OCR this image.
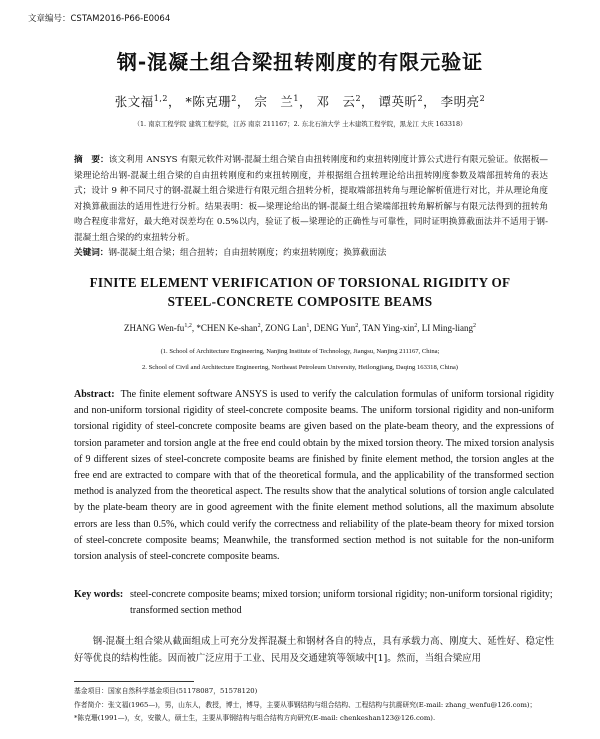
文章编号：CSTAM2016-P66-E0064
钢-混凝土组合梁扭转刚度的有限元验证
张文福$^{1,2}$， *陈克珊$^2$， 宗　兰$^1$， 邓　云$^2$， 谭英昕$^2$， 李明亮$^2$
（1. 南京工程学院 建筑工程学院，江苏 南京 211167；2. 东北石油大学 土木建筑工程学院，黑龙江 大庆 163318）
摘　要：该文利用 ANSYS 有限元软件对钢-混凝土组合梁自由扭转刚度和约束扭转刚度计算公式进行有限元验证。依据板—梁理论给出钢-混凝土组合梁的自由扭转刚度和约束扭转刚度，并根据组合扭转理论给出扭转刚度参数及端部扭转角的表达式；设计 9 种不同尺寸的钢-混凝土组合梁进行有限元组合扭转分析，提取端部扭转角与理论解析值进行对比，并从理论角度对换算截面法的适用性进行分析。结果表明：板—梁理论给出的钢-混凝土组合梁端部扭转角解析解与有限元法得到的扭转角吻合程度非常好，最大绝对误差均在 0.5%以内，验证了板—梁理论的正确性与可靠性，同时证明换算截面法并不适用于钢-混凝土组合梁的约束扭转分析。
关键词：钢-混凝土组合梁；组合扭转；自由扭转刚度；约束扭转刚度；换算截面法
FINITE ELEMENT VERIFICATION OF TORSIONAL RIGIDITY OF
STEEL-CONCRETE COMPOSITE BEAMS
ZHANG Wen-fu$^{1,2}$, *CHEN Ke-shan$^2$, ZONG Lan$^1$, DENG Yun$^2$, TAN Ying-xin$^2$, LI Ming-liang$^2$
(1. School of Architecture Engineering, Nanjing Institute of Technology, Jiangsu, Nanjing 211167, China;
2. School of Civil and Architecture Engineering, Northeast Petroleum University, Heilongjiang, Daqing 163318, China)
Abstract: The finite element software ANSYS is used to verify the calculation formulas of uniform torsional rigidity and non-uniform torsional rigidity of steel-concrete composite beams. The uniform torsional rigidity and non-uniform torsional rigidity of steel-concrete composite beams are given based on the plate-beam theory, and the expressions of torsion parameter and torsion angle at the free end could obtain by the mixed torsion theory. The mixed torsion analysis of 9 different sizes of steel-concrete composite beams are finished by finite element method, the torsion angles at the free end are extracted to compare with that of the theoretical formula, and the applicability of the transformed section method is analyzed from the theoretical aspect. The results show that the analytical solutions of torsion angle calculated by the plate-beam theory are in good agreement with the finite element method solutions, all the maximum absolute errors are less than 0.5%, which could verify the correctness and reliability of the plate-beam theory for mixed torsion of steel-concrete composite beams; Meanwhile, the transformed section method is not suitable for the non-uniform torsion analysis of steel-concrete composite beams.
Key words: steel-concrete composite beams; mixed torsion; uniform torsional rigidity; non-uniform torsional rigidity; transformed section method
钢-混凝土组合梁从截面组成上可充分发挥混凝土和钢材各自的特点，具有承载力高、刚度大、延性好、稳定性好等优良的结构性能。因而被广泛应用于工业、民用及交通建筑等领域中[1]。然而，当组合梁应用
基金项目：国家自然科学基金项目(51178087，51578120)
作者简介：张文福(1965—)，男，山东人，教授，博士，博导，主要从事钢结构与组合结构、工程结构与抗震研究(E-mail: zhang_wenfu@126.com)；
*陈克珊(1991—)，女，安徽人，硕士生，主要从事钢结构与组合结构方向研究(E-mail: chenkeshan123@126.com).
